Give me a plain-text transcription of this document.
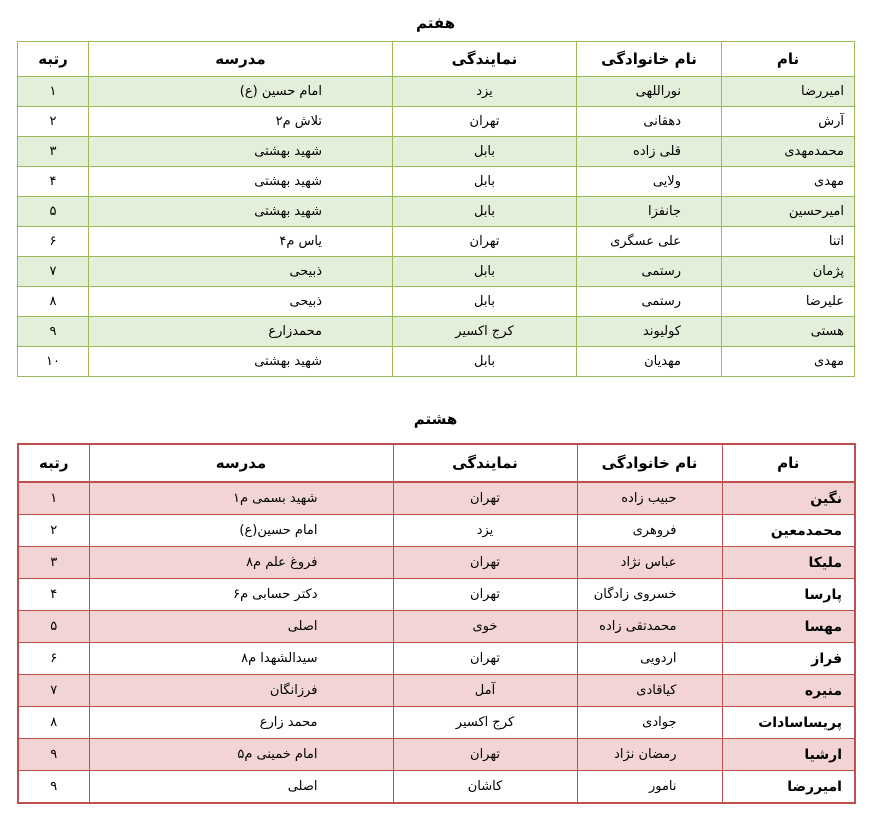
هفتم
نام	نام خانوادگی	نمایندگی	مدرسه	رتبه
امیررضا	نوراللهی	یزد	امام حسین (ع)	۱
آرش	دهقانی	تهران	تلاش م۲	۲
محمدمهدی	قلی زاده	بابل	شهید بهشتی	۳
مهدی	ولایی	بابل	شهید بهشتی	۴
امیرحسین	جانفزا	بابل	شهید بهشتی	۵
اتنا	علی عسگری	تهران	یاس م۴	۶
پژمان	رستمی	بابل	ذبیحی	۷
علیرضا	رستمی	بابل	ذبیحی	۸
هستی	کولیوند	کرج اکسیر	محمدزارع	۹
مهدی	مهدیان	بابل	شهید بهشتی	۱۰
هشتم
نام	نام خانوادگی	نمایندگی	مدرسه	رتبه
نگین	حبیب زاده	تهران	شهید بسمی م۱	۱
محمدمعین	فروهری	یزد	امام حسین(ع)	۲
ملیکا	عباس نژاد	تهران	فروغ علم م۸	۳
پارسا	خسروی زادگان	تهران	دکتر حسابی م۶	۴
مهسا	محمدتقی زاده	خوی	اصلی	۵
فراز	اردویی	تهران	سیدالشهدا م۸	۶
منیره	کیاقادی	آمل	فرزانگان	۷
پریساسادات	جوادی	کرج اکسیر	محمد زارع	۸
ارشیا	رمضان نژاد	تهران	امام خمینی م۵	۹
امیررضا	نامور	کاشان	اصلی	۹
